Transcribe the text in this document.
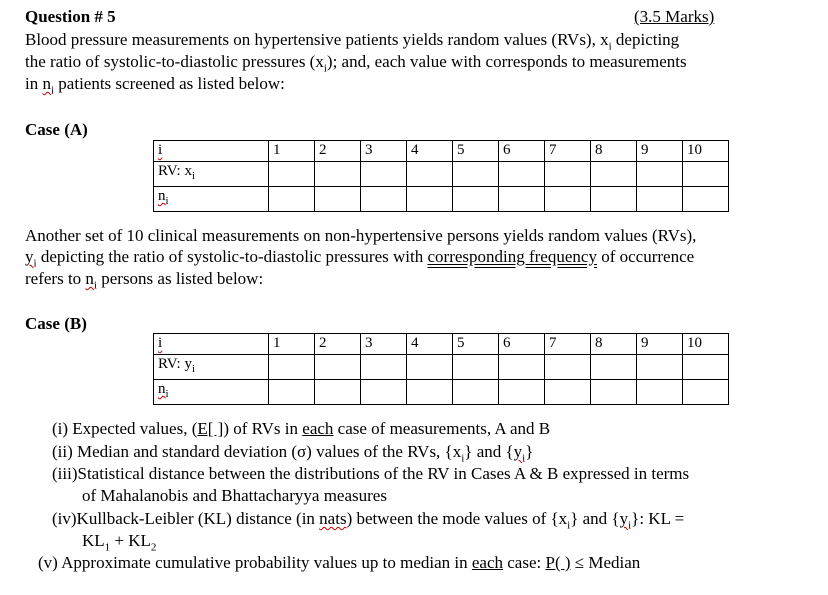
Question # 5	(3.5 Marks)
Blood pressure measurements on hypertensive patients yields random values (RVs), $x_i$ depicting
the ratio of systolic-to-diastolic pressures $(x_i)$; and, each value with corresponds to measurements
in $n_i$ patients screened as listed below:
Case (A)
i	1	2	3	4	5	6	7	8	9	10
RV: $x_i$										
$n_i$										
Another set of 10 clinical measurements on non-hypertensive persons yields random values (RVs),
$y_i$ depicting the ratio of systolic-to-diastolic pressures with corresponding frequency of occurrence
refers to $n_i$ persons as listed below:
Case (B)
i	1	2	3	4	5	6	7	8	9	10
RV: $y_i$										
$n_i$										
(i) Expected values, (E[ ]) of RVs in each case of measurements, A and B
(ii) Median and standard deviation (σ) values of the RVs, $\{x_i\}$ and $\{y_i\}$
(iii)Statistical distance between the distributions of the RV in Cases A & B expressed in terms
of Mahalanobis and Bhattacharyya measures
(iv)Kullback-Leibler (KL) distance (in nats) between the mode values of $\{x_i\}$ and $\{y_i\}$: KL =
$KL_1 + KL_2$
(v) Approximate cumulative probability values up to median in each case: P( ) ≤ Median
